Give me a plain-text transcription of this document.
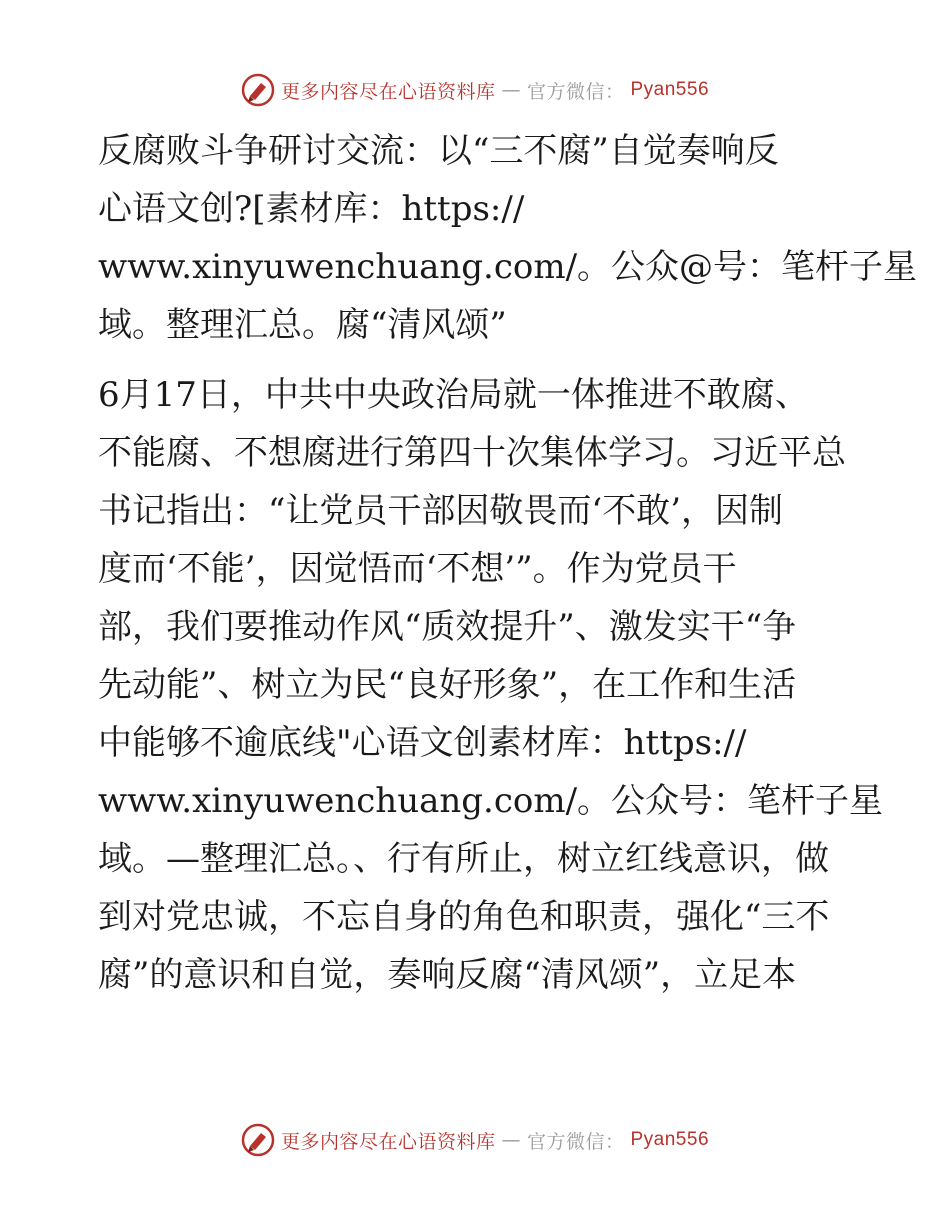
更多内容尽在心语资料库 — 官方微信： Pyan556

反腐败斗争研讨交流：以“三不腐”自觉奏响反
心语文创?[素材库：https://
www.xinyuwenchuang.com/。公众@号：笔杆子星
域。整理汇总。腐“清风颂”

6月17日，中共中央政治局就一体推进不敢腐、
不能腐、不想腐进行第四十次集体学习。习近平总
书记指出：“让党员干部因敬畏而‘不敢’，因制
度而‘不能’，因觉悟而‘不想’”。作为党员干
部，我们要推动作风“质效提升”、激发实干“争
先动能”、树立为民“良好形象”，在工作和生活
中能够不逾底线"心语文创素材库：https://
www.xinyuwenchuang.com/。公众号：笔杆子星
域。—整理汇总。、行有所止，树立红线意识，做
到对党忠诚，不忘自身的角色和职责，强化“三不
腐”的意识和自觉，奏响反腐“清风颂”，立足本

更多内容尽在心语资料库 — 官方微信： Pyan556
